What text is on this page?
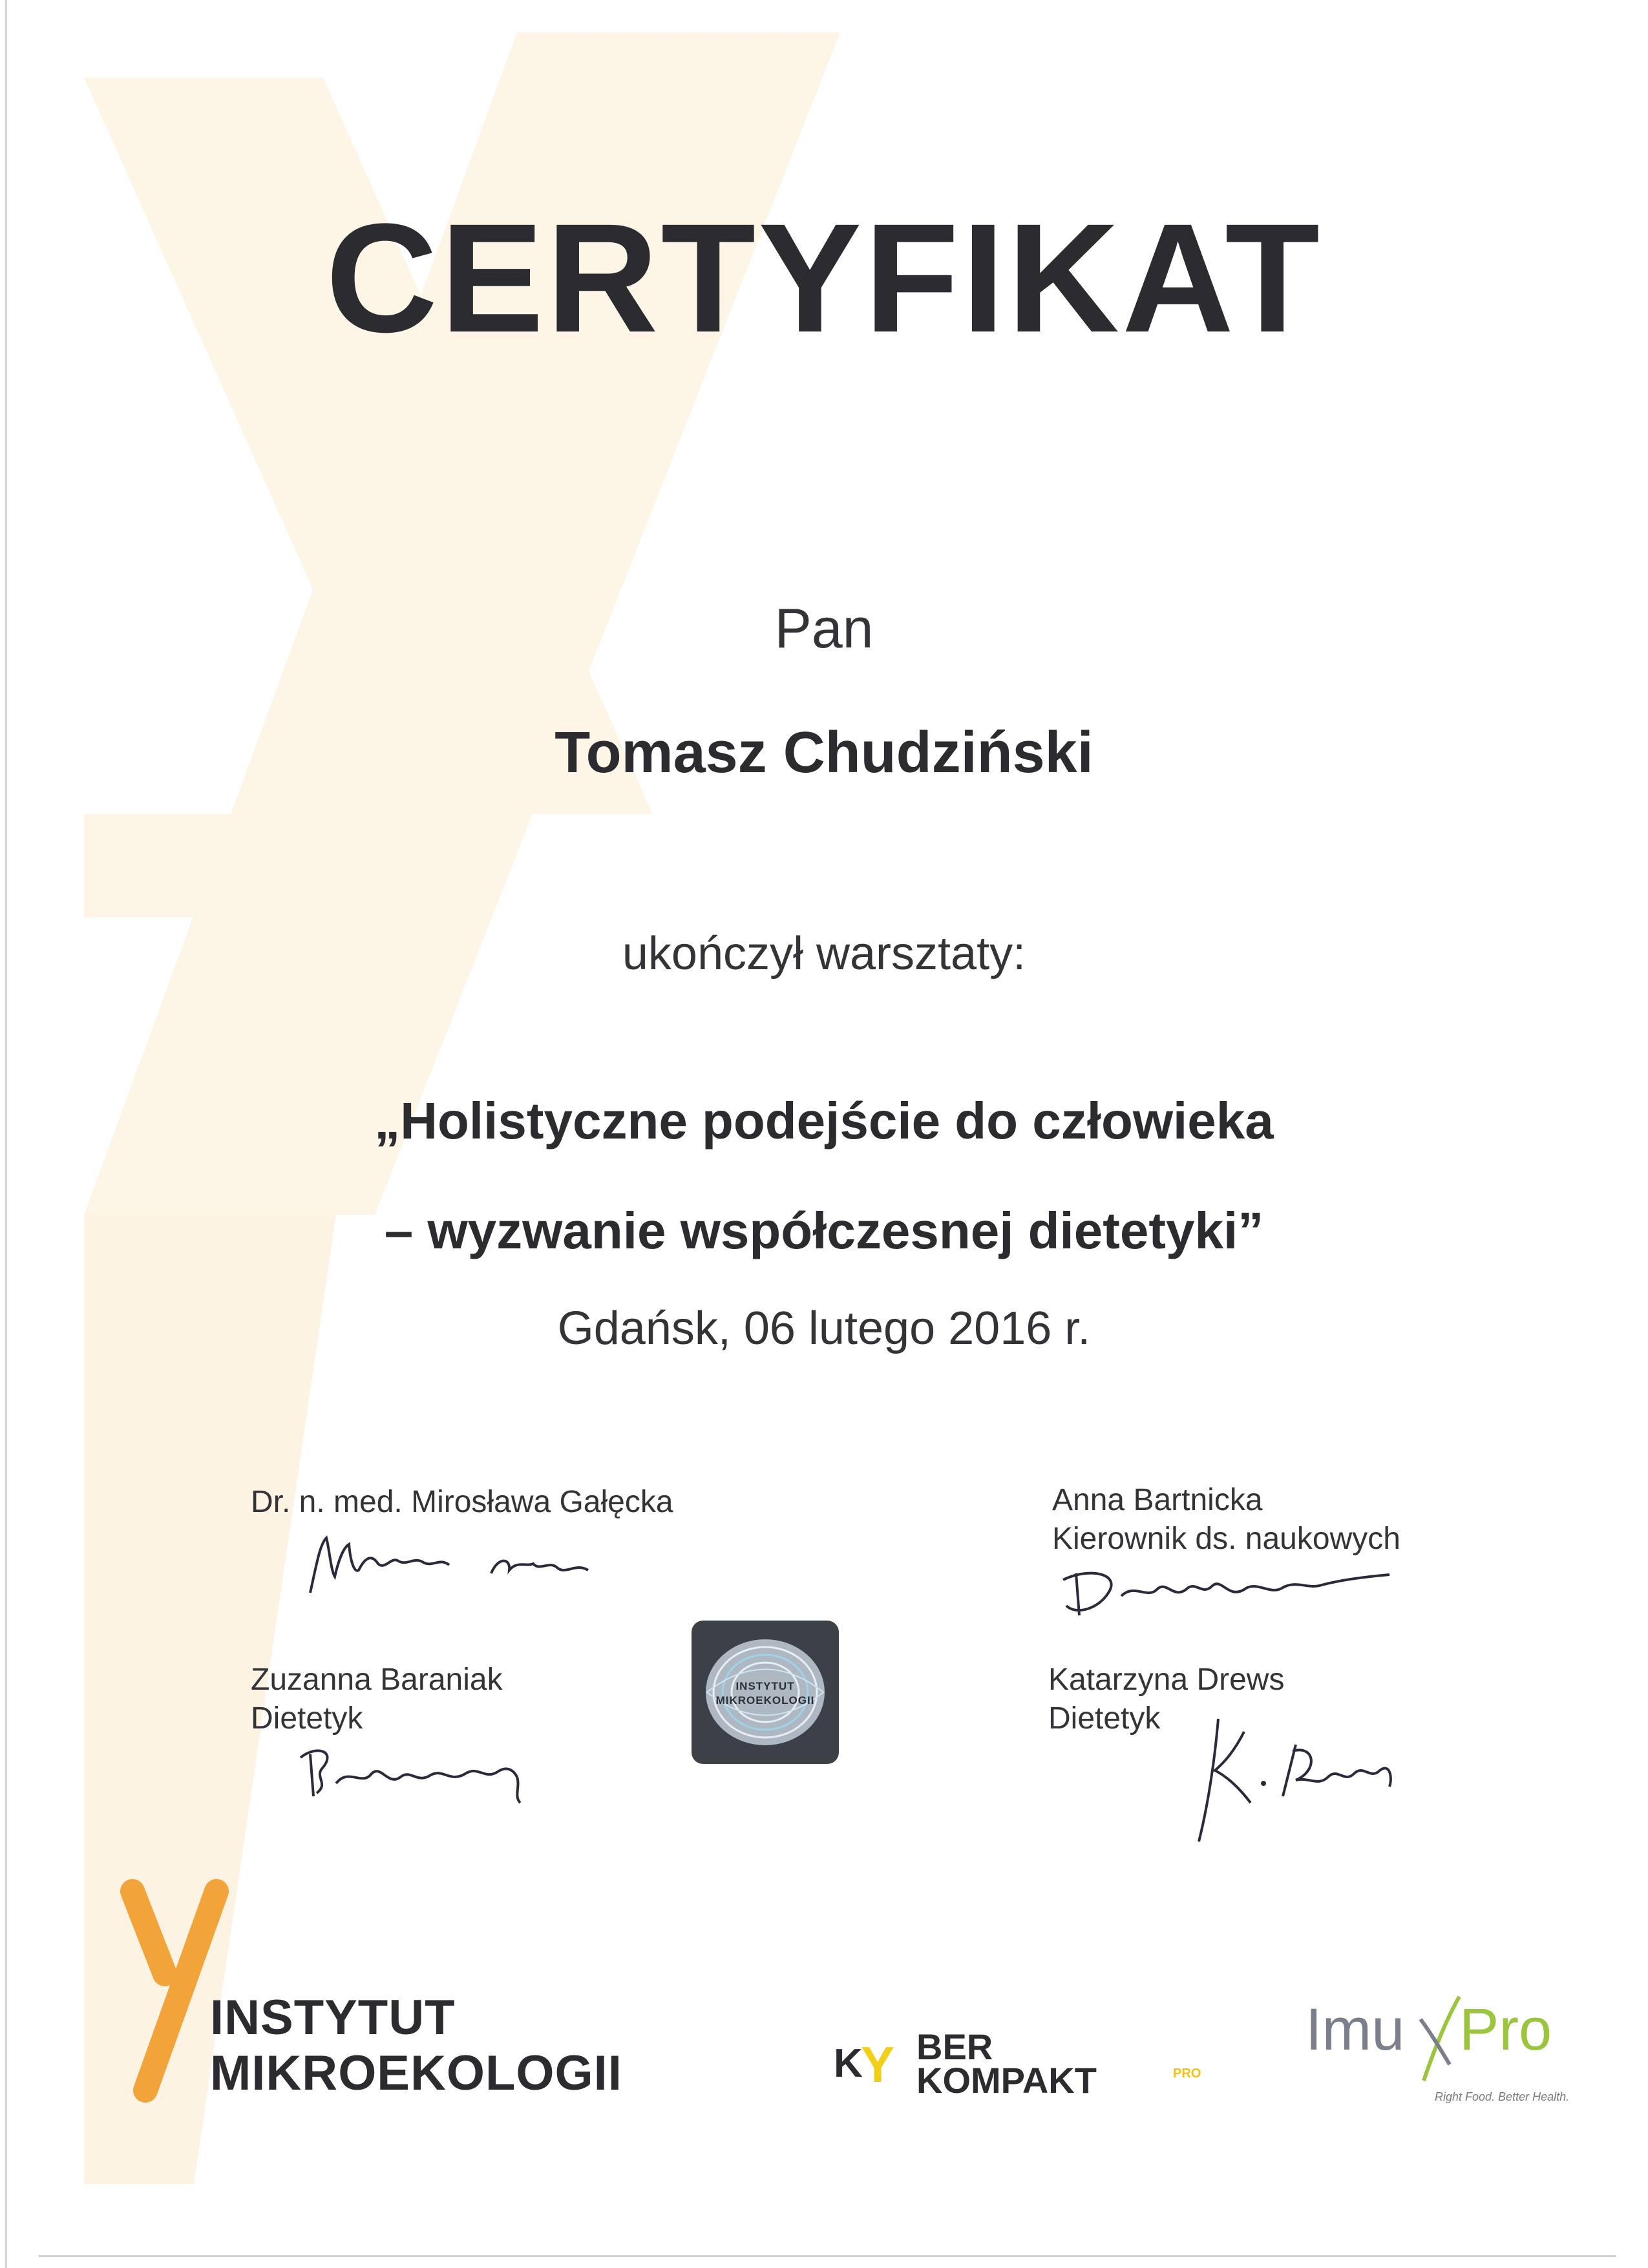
CERTYFIKAT
Pan
Tomasz Chudziński
ukończył warsztaty:
„Holistyczne podejście do człowieka
– wyzwanie współczesnej dietetyki”
Gdańsk, 06 lutego 2016 r.
Dr. n. med. Mirosława Gałęcka	Anna Bartnicka
Kierownik ds. naukowych
Zuzanna Baraniak
Dietetyk
Katarzyna Drews
Dietetyk
INSTYTUT
MIKROEKOLOGII
INSTYTUT
MIKROEKOLOGII	K
Y BER
KOMPAKT	PRO
Imu Pro
Right Food. Better Health.
